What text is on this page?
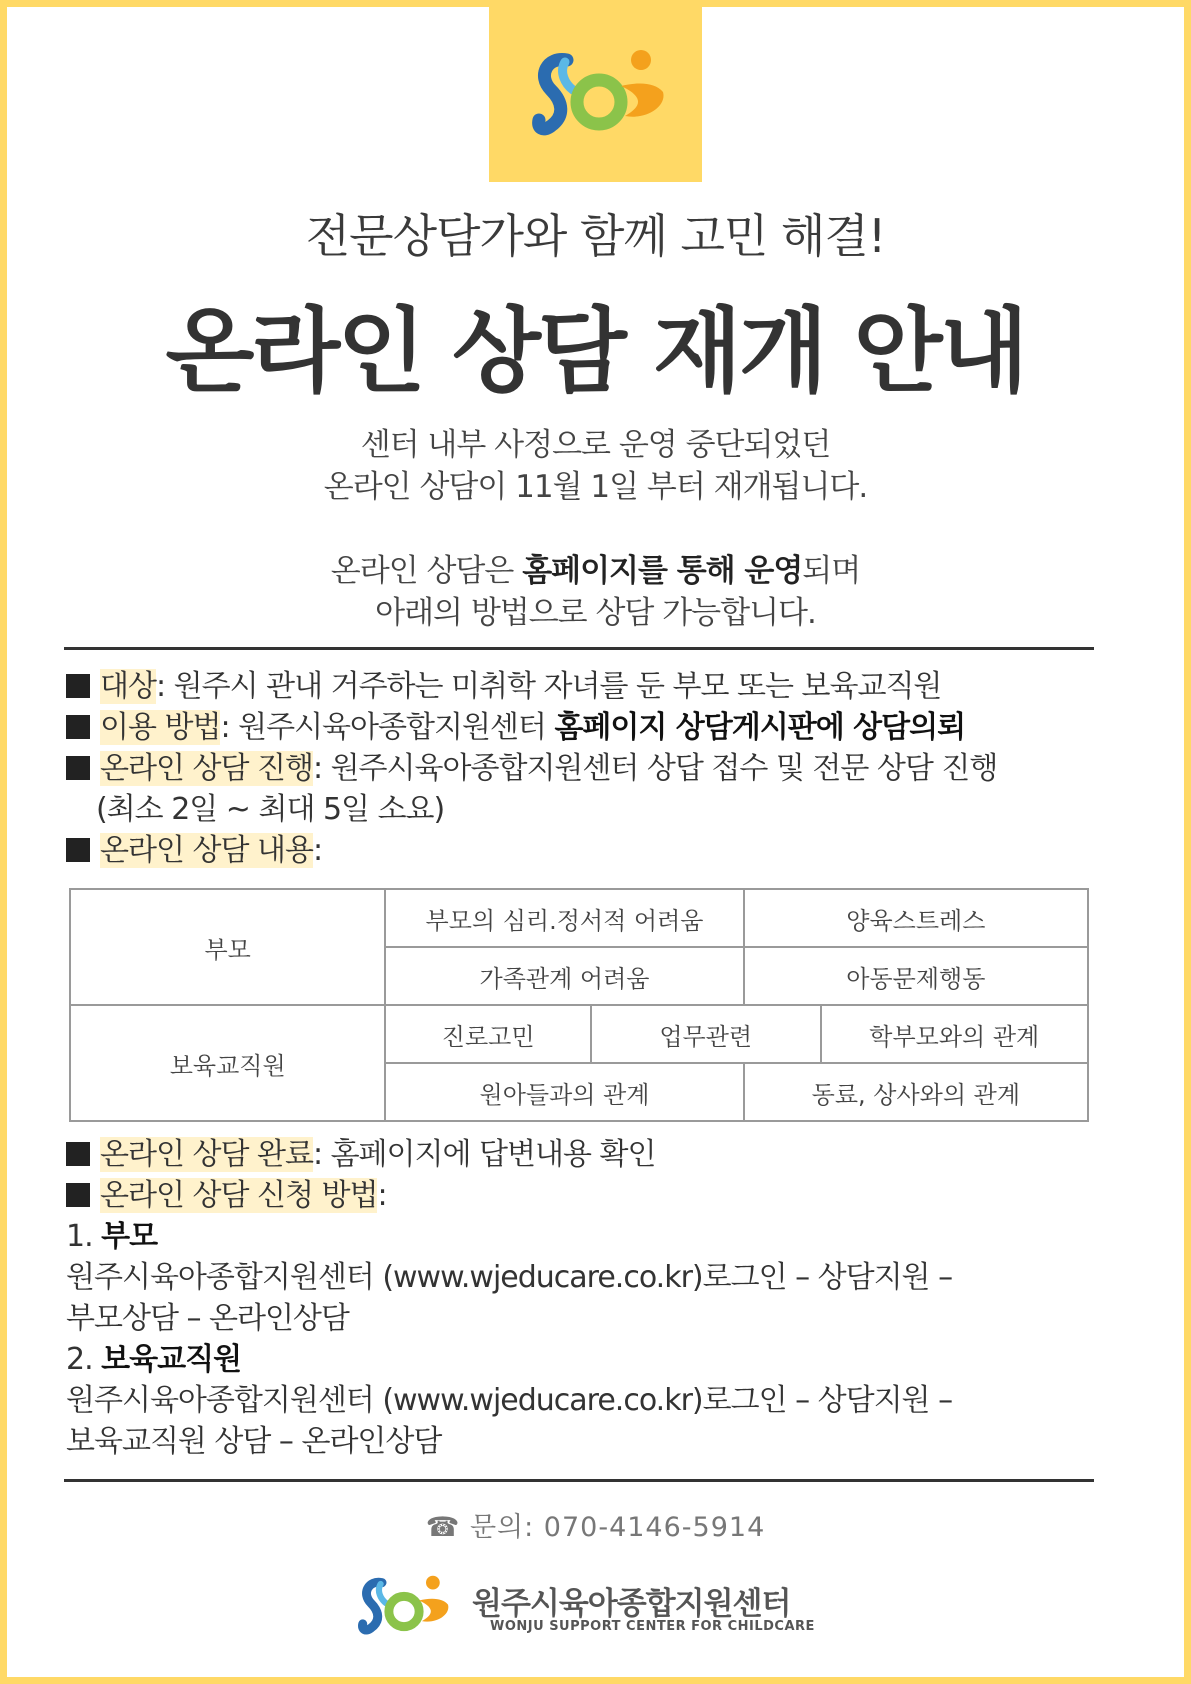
전문상담가와 함께 고민 해결!
온라인 상담 재개 안내

센터 내부 사정으로 운영 중단되었던

온라인 상담이 11월 1일 부터 재개됩니다.

온라인 상담은 홈페이지를 통해 운영되며

아래의 방법으로 상담 가능합니다.

대상: 원주시 관내 거주하는 미취학 자녀를 둔 부모 또는 보육교직원

이용 방법: 원주시육아종합지원센터 홈페이지 상담게시판에 상담의뢰

온라인 상담 진행: 원주시육아종합지원센터 상답 접수 및 전문 상담 진행

(최소 2일 ~ 최대 5일 소요)

온라인 상담 내용:

부모	부모의 심리.정서적 어려움		양육스트레스	
	가족관계 어려움		아동문제행동	
보육교직원	진로고민	업무관련		학부모와의 관계
	원아들과의 관계		동료, 상사와의 관계	

온라인 상담 완료: 홈페이지에 답변내용 확인

온라인 상담 신청 방법:

1. 부모

원주시육아종합지원센터 (www.wjeducare.co.kr)로그인 – 상담지원 –

부모상담 – 온라인상담

2. 보육교직원

원주시육아종합지원센터 (www.wjeducare.co.kr)로그인 – 상담지원 –

보육교직원 상담 – 온라인상담

☎ 문의: 070-4146-5914
원주시육아종합지원센터
WONJU SUPPORT CENTER FOR CHILDCARE
